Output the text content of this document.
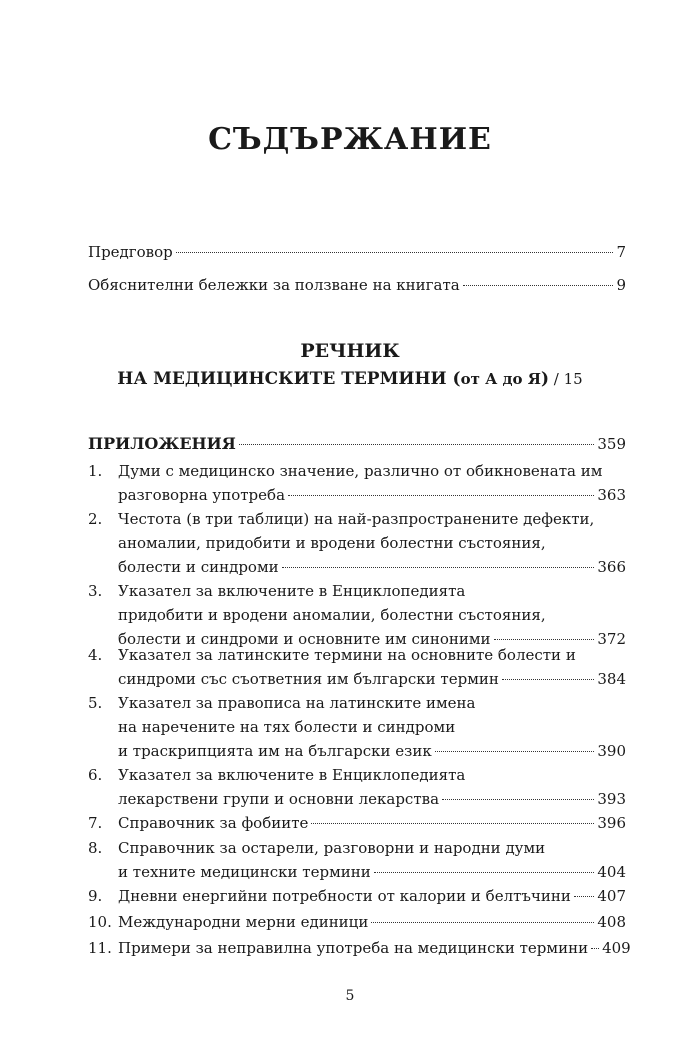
СЪДЪРЖАНИЕ
Предговор	7
Обяснителни бележки за ползване на книгата	9
РЕЧНИК
НА МЕДИЦИНСКИТЕ ТЕРМИНИ (от А до Я) / 15
ПРИЛОЖЕНИЯ	359
1.	Думи с медицинско значение, различно от обикновената им
разговорна употреба	363
2.	Честота (в три таблици) на най-разпространените дефекти,
аномалии, придобити и вродени болестни състояния,
болести и синдроми	366
3.	Указател за включените в Енциклопедията
придобити и вродени аномалии, болестни състояния,
болести и синдроми и основните им синоними	372
4.	Указател за латинските термини на основните болести и
синдроми със съответния им български термин	384
5.	Указател за правописа на латинските имена
на наречените на тях болести и синдроми
и траскрипцията им на български език	390
6.	Указател за включените в Енциклопедията
лекарствени групи и основни лекарства	393
7.	Справочник за фобиите	396
8.	Справочник за остарели, разговорни и народни думи
и техните медицински термини	404
9.	Дневни енергийни потребности от калории и белтъчини 407
10. Международни мерни единици	408
11. Примери за неправилна употреба на медицински термини 409
5
